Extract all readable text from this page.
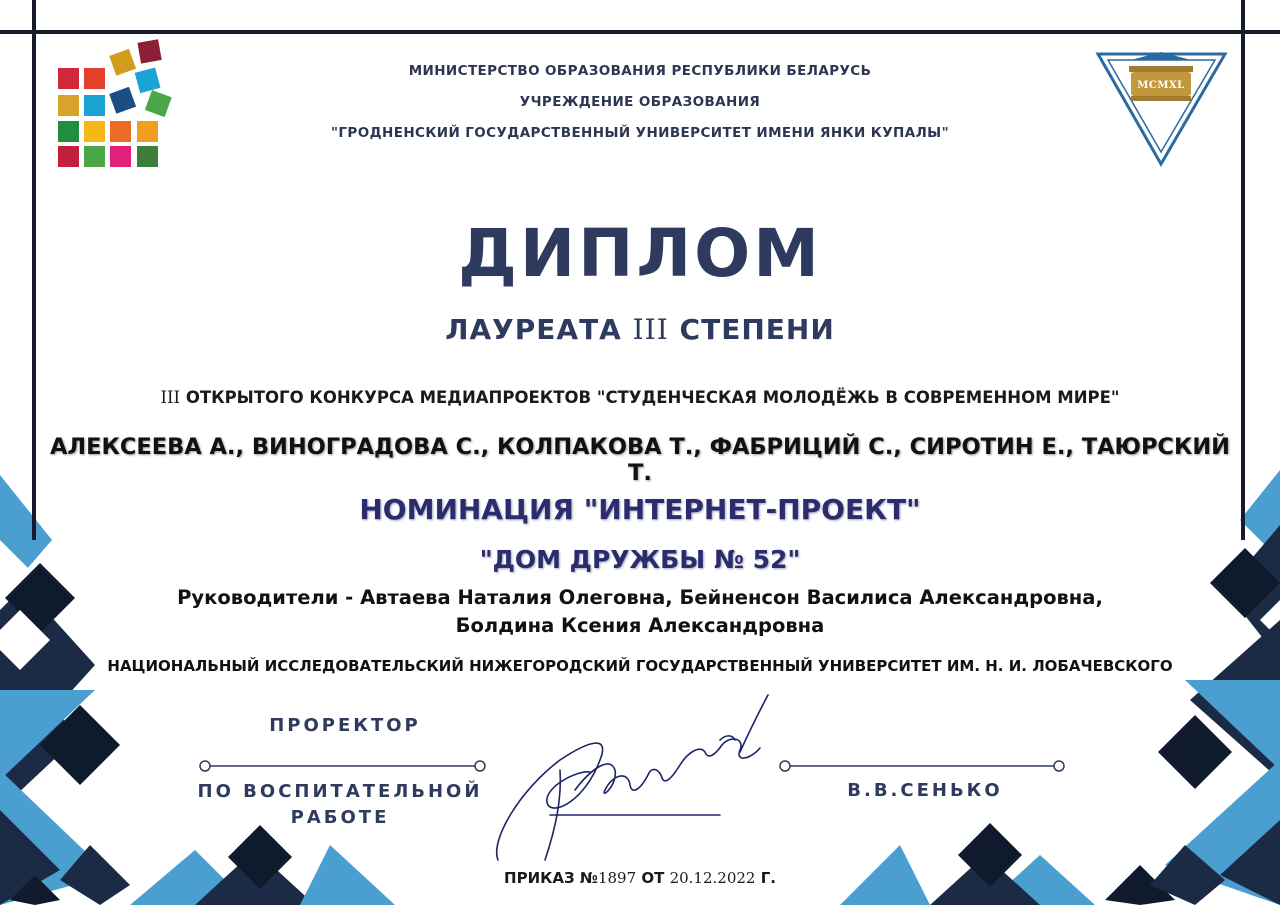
MCMXL
МИНИСТЕРСТВО ОБРАЗОВАНИЯ РЕСПУБЛИКИ БЕЛАРУСЬ
УЧРЕЖДЕНИЕ ОБРАЗОВАНИЯ
"ГРОДНЕНСКИЙ ГОСУДАРСТВЕННЫЙ УНИВЕРСИТЕТ ИМЕНИ ЯНКИ КУПАЛЫ"
ДИПЛОМ
ЛАУРЕАТА III СТЕПЕНИ
III ОТКРЫТОГО КОНКУРСА МЕДИАПРОЕКТОВ "СТУДЕНЧЕСКАЯ МОЛОДЁЖЬ В СОВРЕМЕННОМ МИРЕ"
АЛЕКСЕЕВА А., ВИНОГРАДОВА С., КОЛПАКОВА Т., ФАБРИЦИЙ С., СИРОТИН Е., ТАЮРСКИЙ Т.
НОМИНАЦИЯ "ИНТЕРНЕТ-ПРОЕКТ"
"ДОМ ДРУЖБЫ № 52"
Руководители - Автаева Наталия Олеговна, Бейненсон Василиса Александровна,
Болдина Ксения Александровна
НАЦИОНАЛЬНЫЙ ИССЛЕДОВАТЕЛЬСКИЙ НИЖЕГОРОДСКИЙ ГОСУДАРСТВЕННЫЙ УНИВЕРСИТЕТ ИМ. Н. И. ЛОБАЧЕВСКОГО
ПРОРЕКТОР
ПО ВОСПИТАТЕЛЬНОЙ
РАБОТЕ
В.В.СЕНЬКО
ПРИКАЗ №1897 ОТ 20.12.2022 Г.
